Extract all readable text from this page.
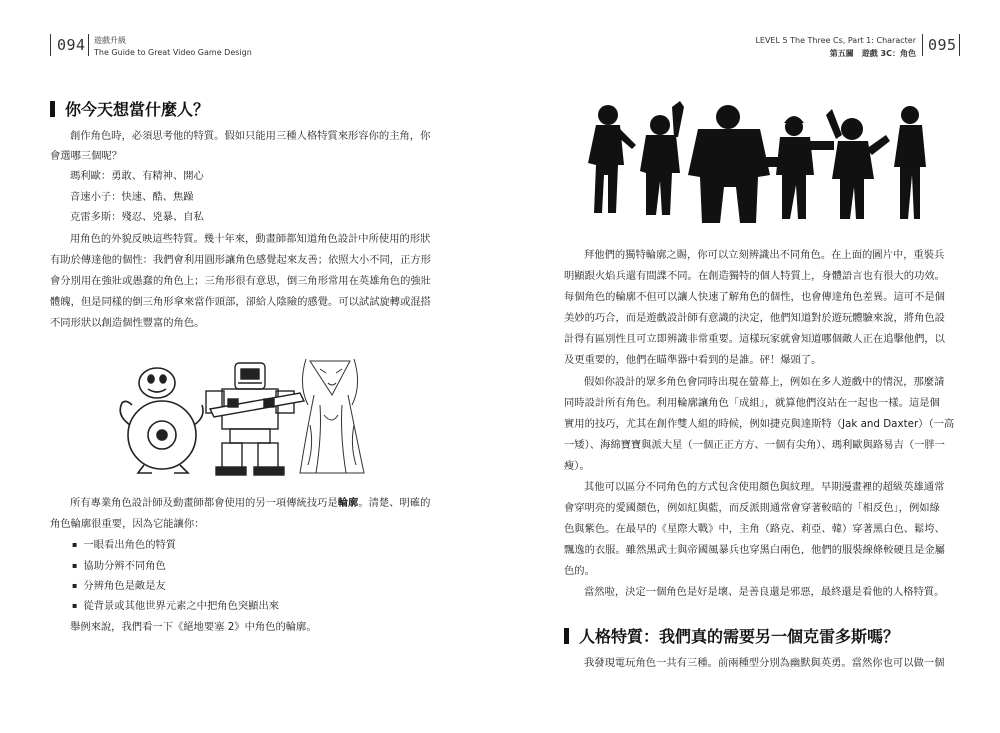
094 遊戲升級
The Guide to Great Video Game Design
你今天想當什麼人？
創作角色時，必須思考他的特質。假如只能用三種人格特質來形容你的主角，你
會選哪三個呢？
瑪利歐：勇敢、有精神、開心
音速小子：快速、酷、焦躁
克雷多斯：殘忍、兇暴、自私
用角色的外貌反映這些特質。幾十年來，動畫師都知道角色設計中所使用的形狀
有助於傳達他的個性：我們會利用圓形讓角色感覺起來友善；依照大小不同，正方形
會分別用在強壯或愚蠢的角色上；三角形很有意思，倒三角形常用在英雄角色的強壯
體魄，但是同樣的倒三角形拿來當作頭部，卻給人陰險的感覺。可以試試旋轉或混搭
不同形狀以創造個性豐富的角色。
所有專業角色設計師及動畫師都會使用的另一項傳統技巧是輪廓。清楚、明確的
角色輪廓很重要，因為它能讓你：
▪ 一眼看出角色的特質
▪ 協助分辨不同角色
▪ 分辨角色是敵是友
▪ 從背景或其他世界元素之中把角色突顯出來
舉例來說，我們看一下《絕地要塞 2》中角色的輪廓。
LEVEL 5 The Three Cs, Part 1: Character
第五關　遊戲 3C：角色 095
拜他們的獨特輪廓之賜，你可以立刻辨識出不同角色。在上面的圖片中，重裝兵
明顯跟火焰兵還有間諜不同。在創造獨特的個人特質上，身體語言也有很大的功效。
每個角色的輪廓不但可以讓人快速了解角色的個性，也會傳達角色差異。這可不是個
美妙的巧合，而是遊戲設計師有意識的決定，他們知道對於遊玩體驗來說，將角色設
計得有區別性且可立即辨識非常重要。這樣玩家就會知道哪個敵人正在追擊他們，以
及更重要的，他們在瞄準器中看到的是誰。砰！爆頭了。
假如你設計的眾多角色會同時出現在螢幕上，例如在多人遊戲中的情況，那麼請
同時設計所有角色。利用輪廓讓角色「成組」，就算他們沒站在一起也一樣。這是個
實用的技巧，尤其在創作雙人組的時候，例如捷克與達斯特（Jak and Daxter）（一高
一矮）、海綿寶寶與派大星（一個正正方方、一個有尖角）、瑪利歐與路易吉（一胖一
瘦）。
其他可以區分不同角色的方式包含使用顏色與紋理。早期漫畫裡的超級英雄通常
會穿明亮的愛國顏色，例如紅與藍，而反派則通常會穿著較暗的「相反色」，例如綠
色與紫色。在最早的《星際大戰》中，主角（路克、莉亞、韓）穿著黑白色、鬆垮、
飄逸的衣服。雖然黑武士與帝國風暴兵也穿黑白兩色，他們的服裝線條較硬且是金屬
色的。
當然啦，決定一個角色是好是壞、是善良還是邪惡，最終還是看他的人格特質。
人格特質：我們真的需要另一個克雷多斯嗎？
我發現電玩角色一共有三種。前兩種型分別為幽默與英勇。當然你也可以做一個
